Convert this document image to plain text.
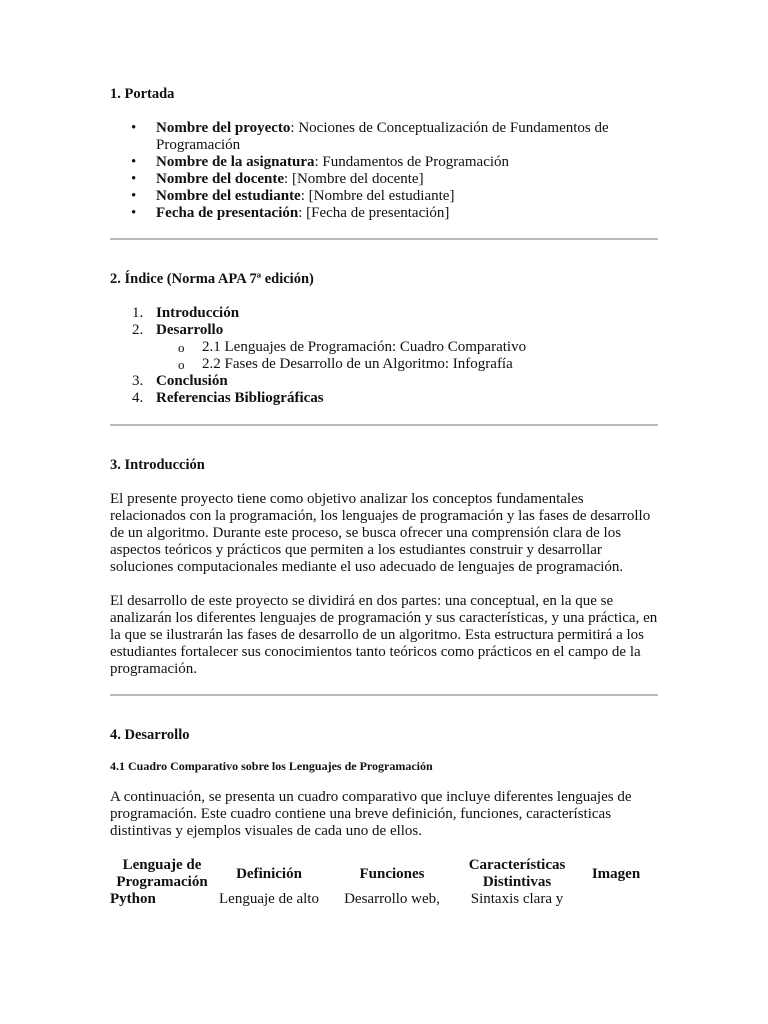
1. Portada
• Nombre del proyecto: Nociones de Conceptualización de Fundamentos de Programación
• Nombre de la asignatura: Fundamentos de Programación
• Nombre del docente: [Nombre del docente]
• Nombre del estudiante: [Nombre del estudiante]
• Fecha de presentación: [Fecha de presentación]
2. Índice (Norma APA 7ª edición)
1. Introducción
2. Desarrollo
o 2.1 Lenguajes de Programación: Cuadro Comparativo
o 2.2 Fases de Desarrollo de un Algoritmo: Infografía
3. Conclusión
4. Referencias Bibliográficas
3. Introducción

El presente proyecto tiene como objetivo analizar los conceptos fundamentales relacionados con la programación, los lenguajes de programación y las fases de desarrollo de un algoritmo. Durante este proceso, se busca ofrecer una comprensión clara de los aspectos teóricos y prácticos que permiten a los estudiantes construir y desarrollar soluciones computacionales mediante el uso adecuado de lenguajes de programación.

El desarrollo de este proyecto se dividirá en dos partes: una conceptual, en la que se analizarán los diferentes lenguajes de programación y sus características, y una práctica, en la que se ilustrarán las fases de desarrollo de un algoritmo. Esta estructura permitirá a los estudiantes fortalecer sus conocimientos tanto teóricos como prácticos en el campo de la programación.

4. Desarrollo
4.1 Cuadro Comparativo sobre los Lenguajes de Programación

A continuación, se presenta un cuadro comparativo que incluye diferentes lenguajes de programación. Este cuadro contiene una breve definición, funciones, características distintivas y ejemplos visuales de cada uno de ellos.

Lenguaje de Programación	Definición	Funciones	Características Distintivas	Imagen
Python	Lenguaje de alto	Desarrollo web,	Sintaxis clara y	
